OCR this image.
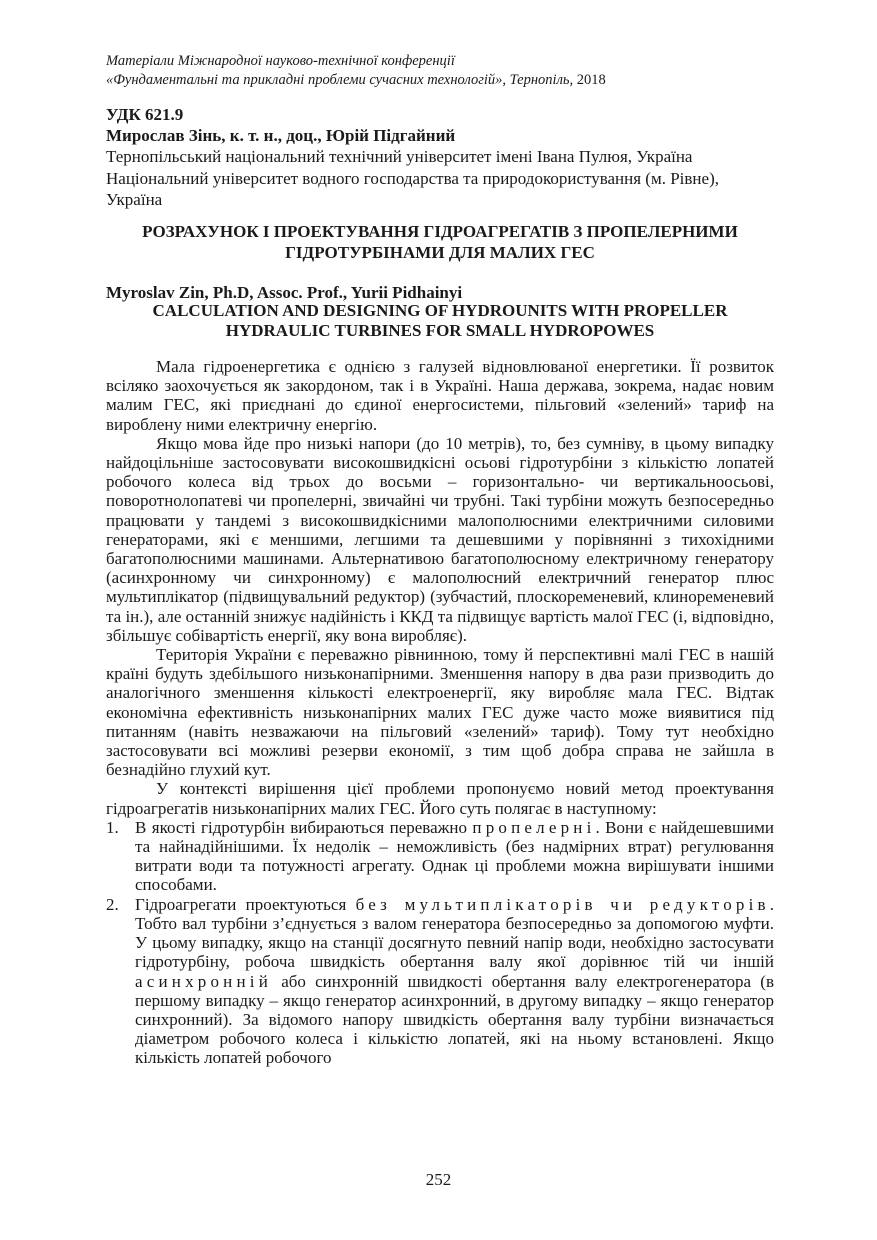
Матеріали Міжнародної науково-технічної конференції
«Фундаментальні та прикладні проблеми сучасних технологій», Тернопіль, 2018
УДК 621.9
Мирослав Зінь, к. т. н., доц., Юрій Підгайний
Тернопільський національний технічний університет імені Івана Пулюя, Україна
Національний університет водного господарства та природокористування (м. Рівне),
Україна
РОЗРАХУНОК І ПРОЕКТУВАННЯ ГІДРОАГРЕГАТІВ З ПРОПЕЛЕРНИМИ
ГІДРОТУРБІНАМИ ДЛЯ МАЛИХ ГЕС
Myroslav Zin, Ph.D, Assoc. Prof., Yurii Pidhainyi
CALCULATION AND DESIGNING OF HYDROUNITS WITH PROPELLER
HYDRAULIC TURBINES FOR SMALL HYDROPOWES

Мала гідроенергетика є однією з галузей відновлюваної енергетики. Її розвиток всіляко заохочується як закордоном, так і в Україні. Наша держава, зокрема, надає новим малим ГЕС, які приєднані до єдиної енергосистеми, пільговий «зелений» тариф на вироблену ними електричну енергію.

Якщо мова йде про низькі напори (до 10 метрів), то, без сумніву, в цьому випадку найдоцільніше застосовувати високошвидкісні осьові гідротурбіни з кількістю лопатей робочого колеса від трьох до восьми – горизонтально- чи вертикальноосьові, поворотнолопатеві чи пропелерні, звичайні чи трубні. Такі турбіни можуть безпосередньо працювати у тандемі з високошвидкісними малополюсними електричними силовими генераторами, які є меншими, легшими та дешевшими у порівнянні з тихохідними багатополюсними машинами. Альтернативою багатополюсному електричному генератору (асинхронному чи синхронному) є малополюсний електричний генератор плюс мультиплікатор (підвищувальний редуктор) (зубчастий, плоскоременевий, клиноременевий та ін.), але останній знижує надійність і ККД та підвищує вартість малої ГЕС (і, відповідно, збільшує собівартість енергії, яку вона виробляє).

Територія України є переважно рівнинною, тому й перспективні малі ГЕС в нашій країні будуть здебільшого низьконапірними. Зменшення напору в два рази призводить до аналогічного зменшення кількості електроенергії, яку виробляє мала ГЕС. Відтак економічна ефективність низьконапірних малих ГЕС дуже часто може виявитися під питанням (навіть незважаючи на пільговий «зелений» тариф). Тому тут необхідно застосовувати всі можливі резерви економії, з тим щоб добра справа не зайшла в безнадійно глухий кут.

У контексті вирішення цієї проблеми пропонуємо новий метод проектування гідроагрегатів низьконапірних малих ГЕС. Його суть полягає в наступному:

1. В якості гідротурбін вибираються переважно пропелерні. Вони є найдешевшими та найнадійнішими. Їх недолік – неможливість (без надмірних втрат) регулювання витрати води та потужності агрегату. Однак ці проблеми можна вирішувати іншими способами.
2. Гідроагрегати проектуються без мультиплікаторів чи редукторів. Тобто вал турбіни з’єднується з валом генератора безпосередньо за допомогою муфти. У цьому випадку, якщо на станції досягнуто певний напір води, необхідно застосувати гідротурбіну, робоча швидкість обертання валу якої дорівнює тій чи іншій асинхронній або синхронній швидкості обертання валу електрогенератора (в першому випадку – якщо генератор асинхронний, в другому випадку – якщо генератор синхронний). За відомого напору швидкість обертання валу турбіни визначається діаметром робочого колеса і кількістю лопатей, які на ньому встановлені. Якщо кількість лопатей робочого
252
